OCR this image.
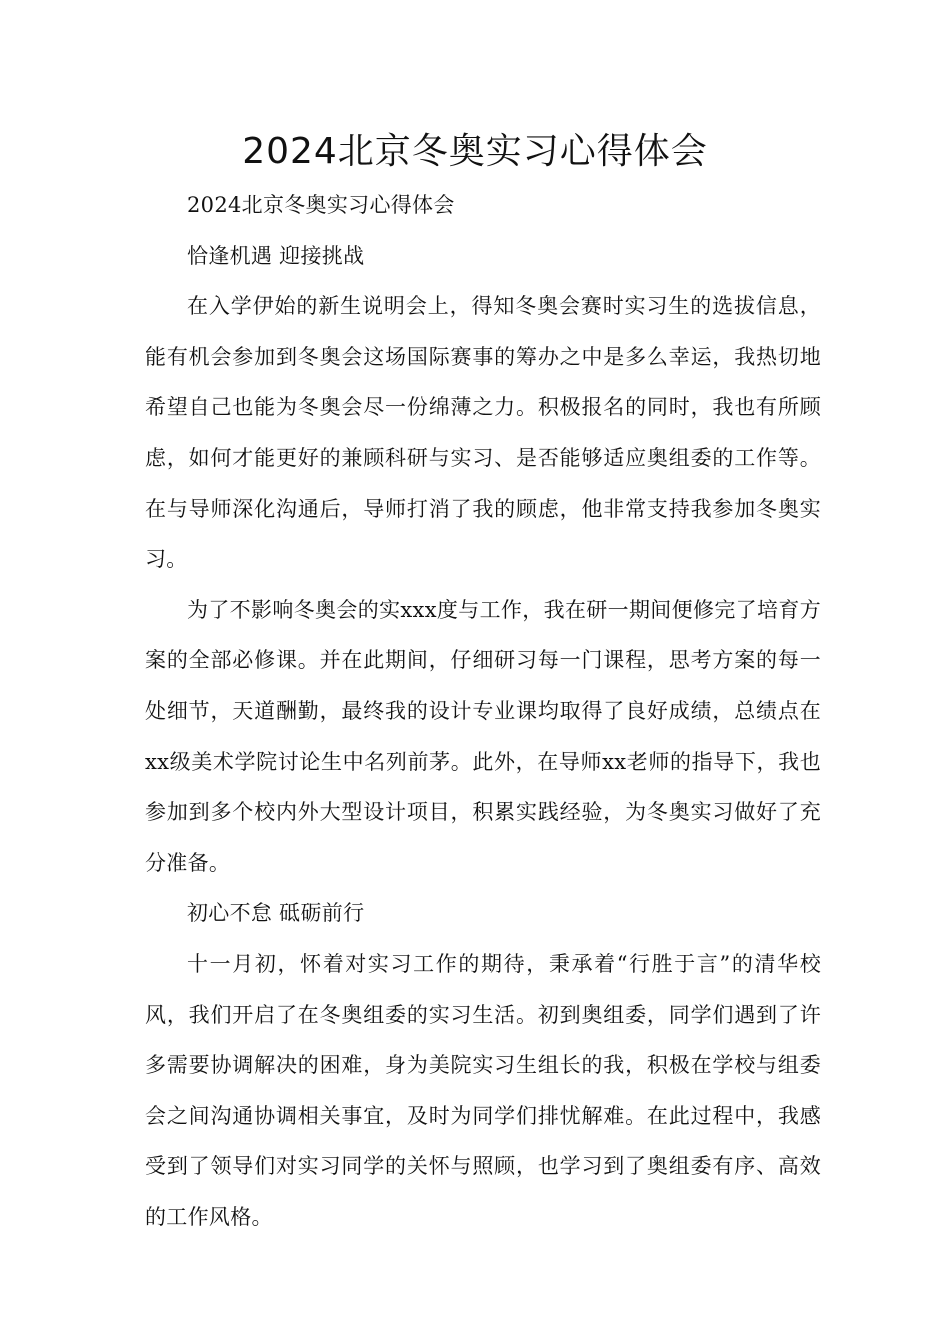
2024北京冬奥实习心得体会

2024北京冬奥实习心得体会

恰逢机遇 迎接挑战

在入学伊始的新生说明会上，得知冬奥会赛时实习生的选拔信息，能有机会参加到冬奥会这场国际赛事的筹办之中是多么幸运，我热切地希望自己也能为冬奥会尽一份绵薄之力。积极报名的同时，我也有所顾虑，如何才能更好的兼顾科研与实习、是否能够适应奥组委的工作等。在与导师深化沟通后，导师打消了我的顾虑，他非常支持我参加冬奥实习。

为了不影响冬奥会的实xxx度与工作，我在研一期间便修完了培育方案的全部必修课。并在此期间，仔细研习每一门课程，思考方案的每一处细节，天道酬勤，最终我的设计专业课均取得了良好成绩，总绩点在xx级美术学院讨论生中名列前茅。此外，在导师xx老师的指导下，我也参加到多个校内外大型设计项目，积累实践经验，为冬奥实习做好了充分准备。

初心不怠 砥砺前行

十一月初，怀着对实习工作的期待，秉承着“行胜于言”的清华校风，我们开启了在冬奥组委的实习生活。初到奥组委，同学们遇到了许多需要协调解决的困难，身为美院实习生组长的我，积极在学校与组委会之间沟通协调相关事宜，及时为同学们排忧解难。在此过程中，我感受到了领导们对实习同学的关怀与照顾，也学习到了奥组委有序、高效的工作风格。
